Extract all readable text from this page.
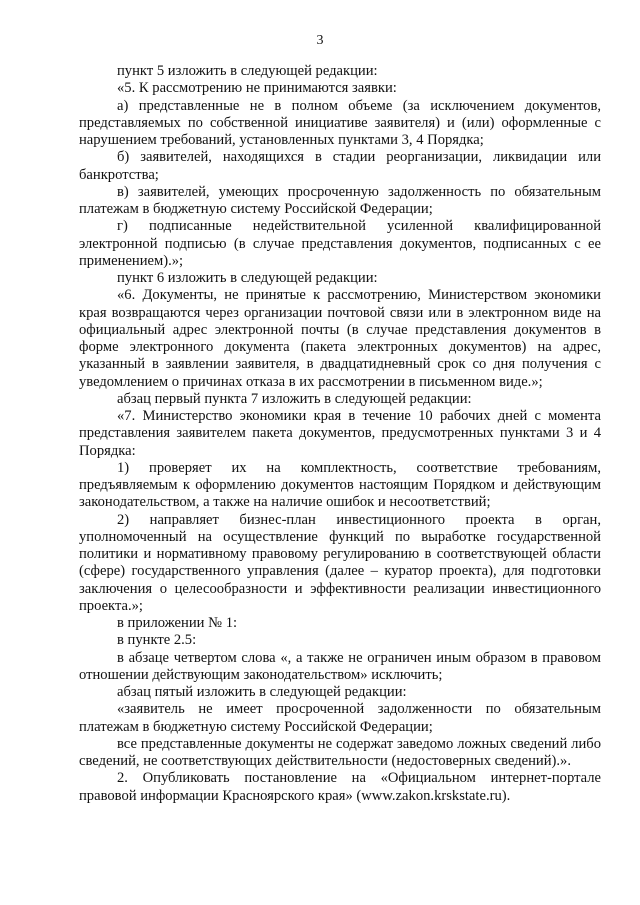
3

пункт 5 изложить в следующей редакции:

«5. К рассмотрению не принимаются заявки:

а) представленные не в полном объеме (за исключением документов, представляемых по собственной инициативе заявителя) и (или) оформленные с нарушением требований, установленных пунктами 3, 4 Порядка;

б) заявителей, находящихся в стадии реорганизации, ликвидации или банкротства;

в) заявителей, умеющих просроченную задолженность по обязательным платежам в бюджетную систему Российской Федерации;

г) подписанные недействительной усиленной квалифицированной электронной подписью (в случае представления документов, подписанных с ее применением).»;

пункт 6 изложить в следующей редакции:

«6. Документы, не принятые к рассмотрению, Министерством экономики края возвращаются через организации почтовой связи или в электронном виде на официальный адрес электронной почты (в случае представления документов в форме электронного документа (пакета электронных документов) на адрес, указанный в заявлении заявителя, в двадцатидневный срок со дня получения с уведомлением о причинах отказа в их рассмотрении в письменном виде.»;

абзац первый пункта 7 изложить в следующей редакции:

«7. Министерство экономики края в течение 10 рабочих дней с момента представления заявителем пакета документов, предусмотренных пунктами 3 и 4 Порядка:

1) проверяет их на комплектность, соответствие требованиям, предъявляемым к оформлению документов настоящим Порядком и действующим законодательством, а также на наличие ошибок и несоответствий;

2) направляет бизнес-план инвестиционного проекта в орган, уполномоченный на осуществление функций по выработке государственной политики и нормативному правовому регулированию в соответствующей области (сфере) государственного управления (далее – куратор проекта), для подготовки заключения о целесообразности и эффективности реализации инвестиционного проекта.»;

в приложении № 1:

в пункте 2.5:

в абзаце четвертом слова «, а также не ограничен иным образом в правовом отношении действующим законодательством» исключить;

абзац пятый изложить в следующей редакции:

«заявитель не имеет просроченной задолженности по обязательным платежам в бюджетную систему Российской Федерации;

все представленные документы не содержат заведомо ложных сведений либо сведений, не соответствующих действительности (недостоверных сведений).».

2. Опубликовать постановление на «Официальном интернет-портале правовой информации Красноярского края» (www.zakon.krskstate.ru).
